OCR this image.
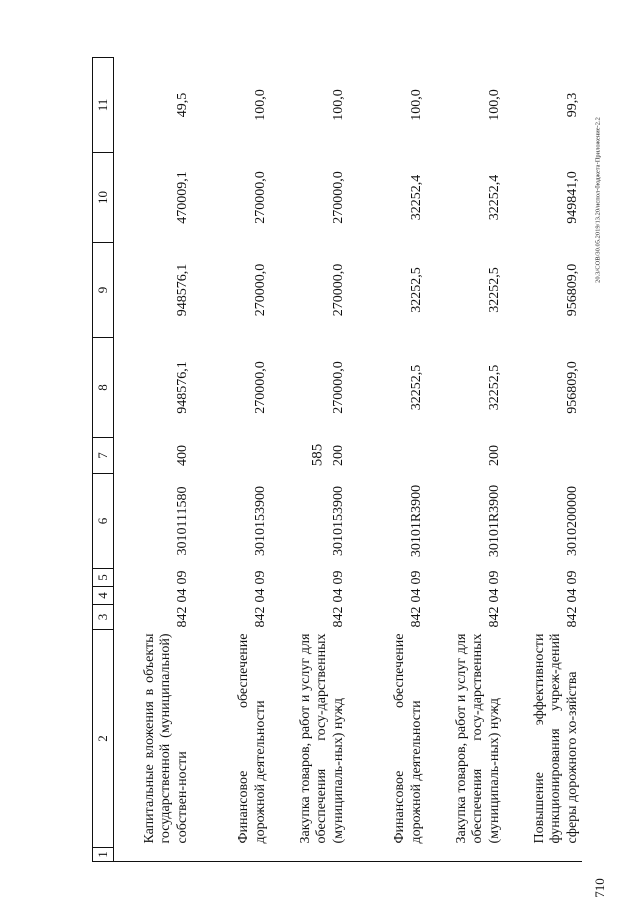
585
20.3/СОВ/30.05.2019/13.20/испол-бюджета-Приложение-2.2
710
1	2	3	4	5	6	7	8	9	10	11
	Капитальные вложения в объекты государственной (муниципальной) собствен-ности	842	04	09	3010111580	400	948576,1	948576,1	470009,1	49,5
	Финансовое обеспечение дорожной деятельности	842	04	09	3010153900		270000,0	270000,0	270000,0	100,0
	Закупка товаров, работ и услуг для обеспечения госу-дарственных (муниципаль-ных) нужд	842	04	09	3010153900	200	270000,0	270000,0	270000,0	100,0
	Финансовое обеспечение дорожной деятельности	842	04	09	30101R3900		32252,5	32252,5	32252,4	100,0
	Закупка товаров, работ и услуг для обеспечения госу-дарственных (муниципаль-ных) нужд	842	04	09	30101R3900	200	32252,5	32252,5	32252,4	100,0
	Повышение эффективности функционирования учреж-дений сферы дорожного хо-зяйства	842	04	09	3010200000		956809,0	956809,0	949841,0	99,3
